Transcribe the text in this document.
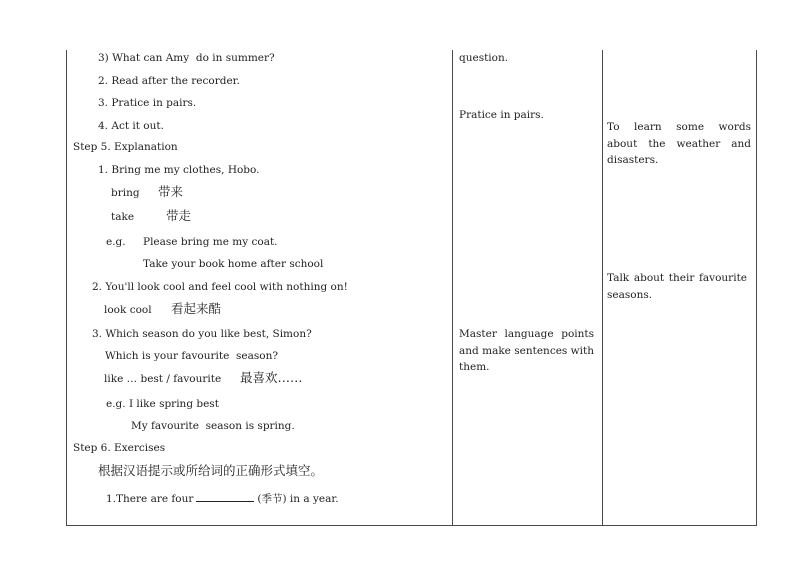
3) What can Amy  do in summer?
2. Read after the recorder.
3. Pratice in pairs.
4. Act it out.
Step 5. Explanation
1. Bring me my clothes, Hobo.
bring 带来
take	带走
e.g. Please bring me my coat.
Take your book home after school
2. You'll look cool and feel cool with nothing on!
look cool 看起来酷
3. Which season do you like best, Simon?
Which is your favourite  season?
like … best / favourite 最喜欢……
e.g. I like spring best
My favourite  season is spring.
Step 6. Exercises
根据汉语提示或所给词的正确形式填空。
1.There are four	(季节) in a year.
question.
Pratice in pairs.
Master language points and make sentences with them.
To learn some words about the weather and disasters.
Talk about their favourite seasons.
